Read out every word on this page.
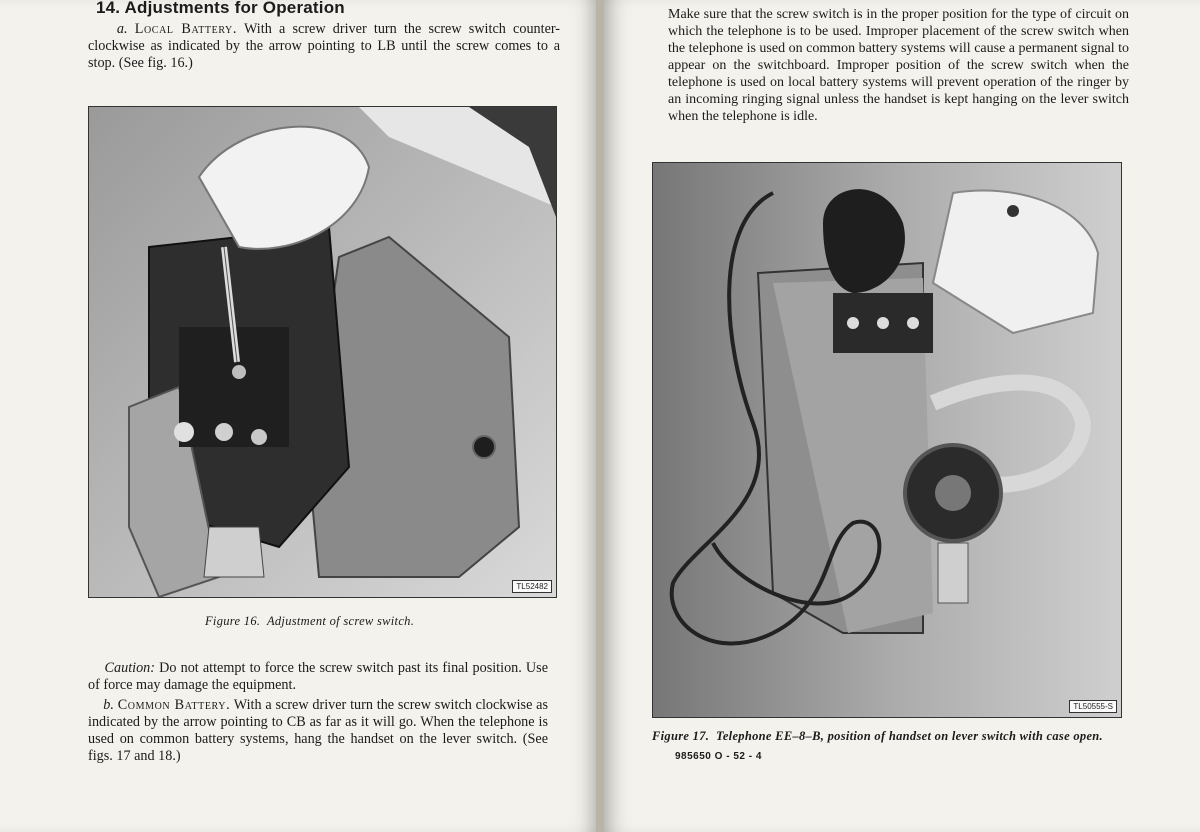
14. Adjustments for Operation

a. Local Battery. With a screw driver turn the screw switch counter-clockwise as indicated by the arrow pointing to LB until the screw comes to a stop. (See fig. 16.)

TL52482

Figure 16. Adjustment of screw switch.

Caution: Do not attempt to force the screw switch past its final position. Use of force may damage the equipment.

b. Common Battery. With a screw driver turn the screw switch clockwise as indicated by the arrow pointing to CB as far as it will go. When the telephone is used on common battery systems, hang the handset on the lever switch. (See figs. 17 and 18.)

Make sure that the screw switch is in the proper position for the type of circuit on which the telephone is to be used. Improper placement of the screw switch when the telephone is used on common battery systems will cause a permanent signal to appear on the switchboard. Improper position of the screw switch when the telephone is used on local battery systems will prevent operation of the ringer by an incoming ringing signal unless the handset is kept hanging on the lever switch when the telephone is idle.

TL50555-S

Figure 17. Telephone EE–8–B, position of handset on lever switch with case open.

985650 O - 52 - 4
